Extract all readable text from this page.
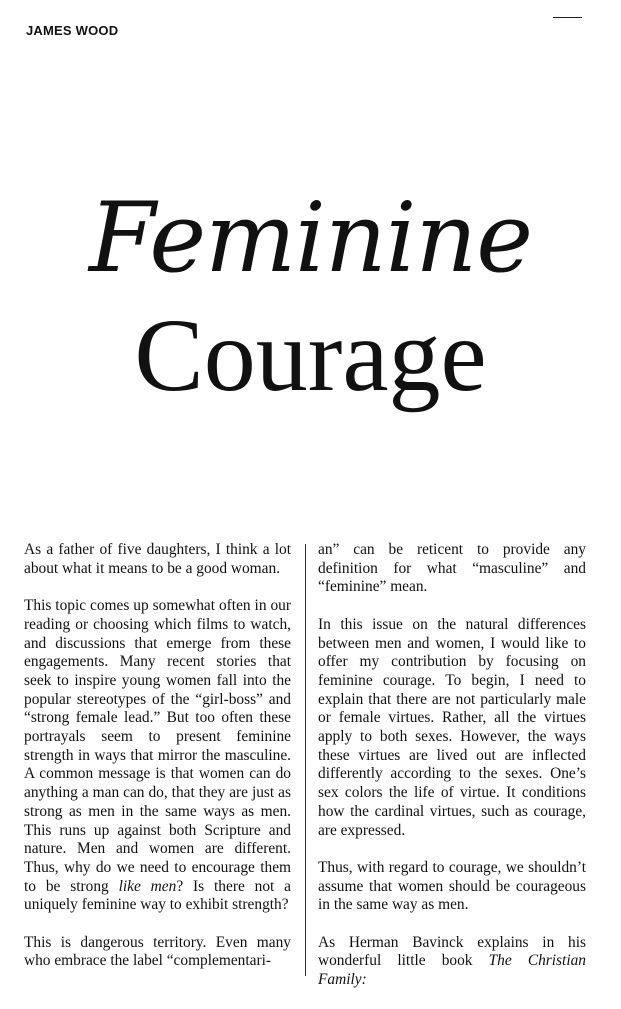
JAMES WOOD
Feminine
Courage

As a father of five daughters, I think a lot about what it means to be a good woman.

This topic comes up somewhat often in our reading or choosing which films to watch, and discussions that emerge from these engagements. Many recent stories that seek to inspire young women fall into the popular stereotypes of the “girl-boss” and “strong female lead.” But too often these portrayals seem to present feminine strength in ways that mirror the masculine. A common message is that women can do anything a man can do, that they are just as strong as men in the same ways as men. This runs up against both Scripture and nature. Men and women are different. Thus, why do we need to encourage them to be strong like men? Is there not a uniquely feminine way to exhibit strength?

This is dangerous territory. Even many who embrace the label “complementari-

an” can be reticent to provide any definition for what “masculine” and “feminine” mean.

In this issue on the natural differences between men and women, I would like to offer my contribution by focusing on feminine courage. To begin, I need to explain that there are not particularly male or female virtues. Rather, all the virtues apply to both sexes. However, the ways these virtues are lived out are inflected differently according to the sexes. One’s sex colors the life of virtue. It conditions how the cardinal virtues, such as courage, are expressed.

Thus, with regard to courage, we shouldn’t assume that women should be courageous in the same way as men.

As Herman Bavinck explains in his wonderful little book The Christian Family:
